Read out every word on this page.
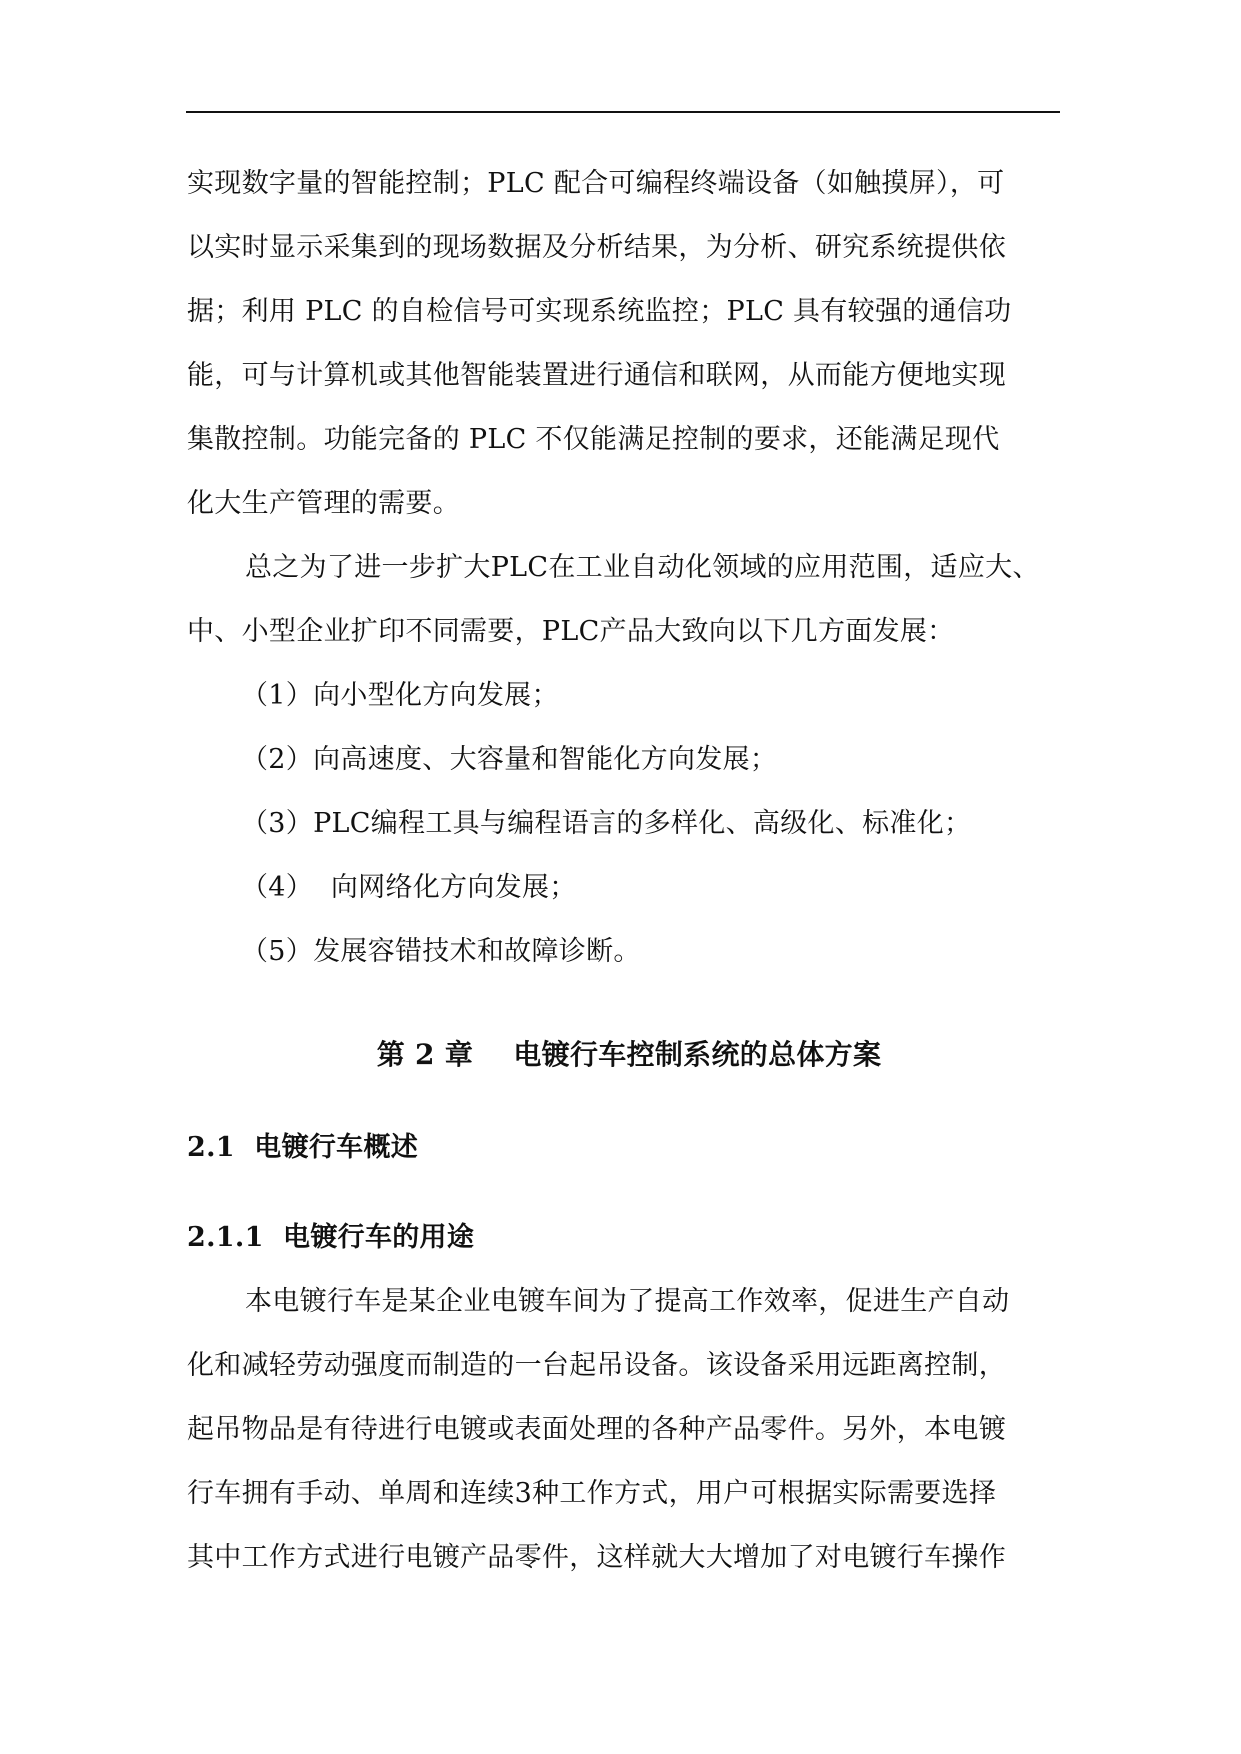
实现数字量的智能控制；PLC 配合可编程终端设备（如触摸屏），可
以实时显示采集到的现场数据及分析结果，为分析、研究系统提供依
据；利用 PLC 的自检信号可实现系统监控；PLC 具有较强的通信功
能，可与计算机或其他智能装置进行通信和联网，从而能方便地实现
集散控制。功能完备的 PLC 不仅能满足控制的要求，还能满足现代
化大生产管理的需要。

总之为了进一步扩大PLC在工业自动化领域的应用范围，适应大、
中、小型企业扩印不同需要，PLC产品大致向以下几方面发展：

（1）向小型化方向发展；

（2）向高速度、大容量和智能化方向发展；

（3）PLC编程工具与编程语言的多样化、高级化、标准化；

（4）  向网络化方向发展；

（5）发展容错技术和故障诊断。

第 2 章    电镀行车控制系统的总体方案
2.1  电镀行车概述
2.1.1  电镀行车的用途

本电镀行车是某企业电镀车间为了提高工作效率，促进生产自动
化和减轻劳动强度而制造的一台起吊设备。该设备采用远距离控制，
起吊物品是有待进行电镀或表面处理的各种产品零件。另外，本电镀
行车拥有手动、单周和连续3种工作方式，用户可根据实际需要选择
其中工作方式进行电镀产品零件，这样就大大增加了对电镀行车操作
